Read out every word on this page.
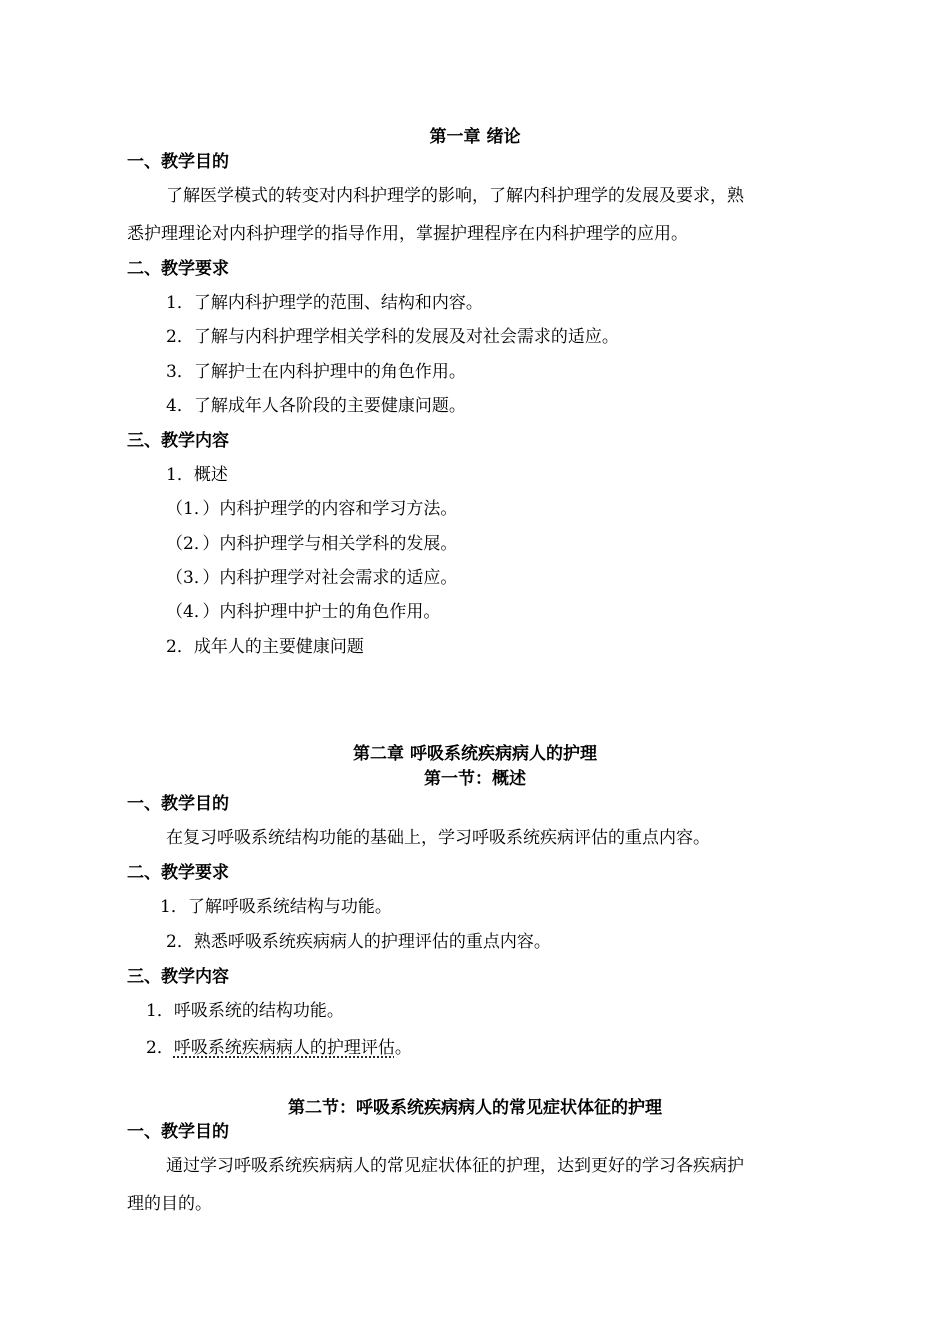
第一章 绪论
一、教学目的
了解医学模式的转变对内科护理学的影响，了解内科护理学的发展及要求，熟
悉护理理论对内科护理学的指导作用，掌握护理程序在内科护理学的应用。
二、教学要求
1．了解内科护理学的范围、结构和内容。
2．了解与内科护理学相关学科的发展及对社会需求的适应。
3．了解护士在内科护理中的角色作用。
4．了解成年人各阶段的主要健康问题。
三、教学内容
1．概述
（1．）内科护理学的内容和学习方法。
（2．）内科护理学与相关学科的发展。
（3．）内科护理学对社会需求的适应。
（4．）内科护理中护士的角色作用。
2．成年人的主要健康问题
第二章 呼吸系统疾病病人的护理
第一节：概述
一、教学目的
在复习呼吸系统结构功能的基础上，学习呼吸系统疾病评估的重点内容。
二、教学要求
1．了解呼吸系统结构与功能。
2．熟悉呼吸系统疾病病人的护理评估的重点内容。
三、教学内容
1．呼吸系统的结构功能。
2．呼吸系统疾病病人的护理评估。
第二节：呼吸系统疾病病人的常见症状体征的护理
一、教学目的
通过学习呼吸系统疾病病人的常见症状体征的护理，达到更好的学习各疾病护
理的目的。
